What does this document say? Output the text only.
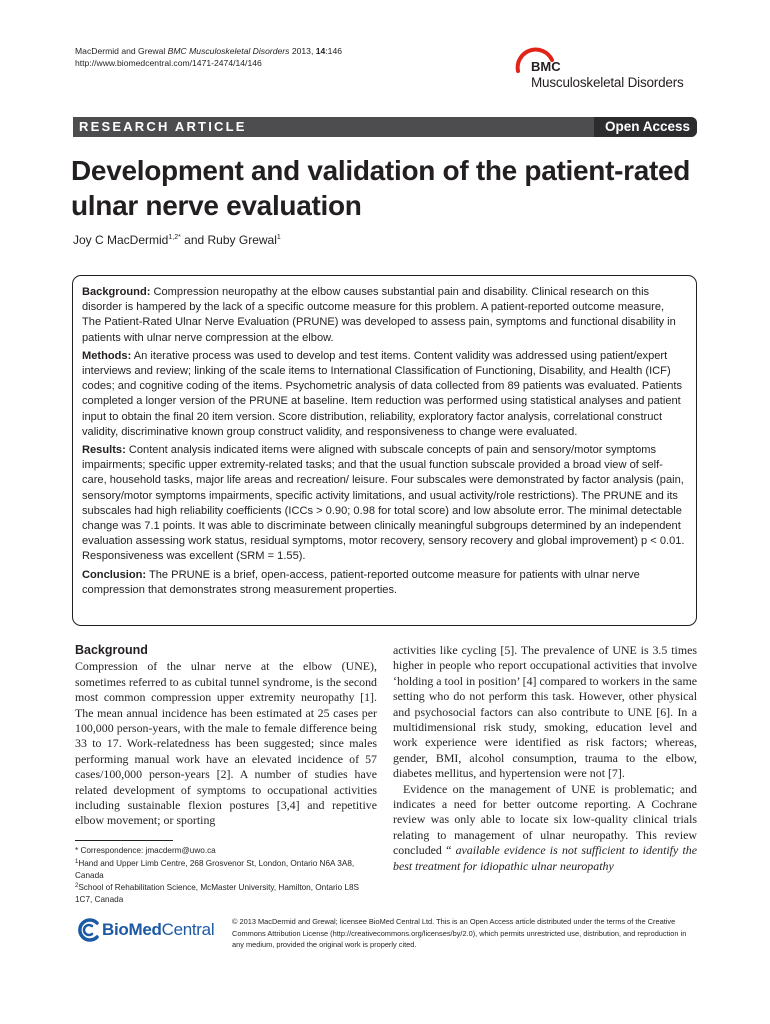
MacDermid and Grewal BMC Musculoskeletal Disorders 2013, 14:146
http://www.biomedcentral.com/1471-2474/14/146	BMC
Musculoskeletal Disorders
RESEARCH ARTICLE	Open Access
Development and validation of the patient-rated ulnar nerve evaluation
Joy C MacDermid$^{1,2*}$ and Ruby Grewal$^1$

Background: Compression neuropathy at the elbow causes substantial pain and disability. Clinical research on this disorder is hampered by the lack of a specific outcome measure for this problem. A patient-reported outcome measure, The Patient-Rated Ulnar Nerve Evaluation (PRUNE) was developed to assess pain, symptoms and functional disability in patients with ulnar nerve compression at the elbow.

Methods: An iterative process was used to develop and test items. Content validity was addressed using patient/expert interviews and review; linking of the scale items to International Classification of Functioning, Disability, and Health (ICF) codes; and cognitive coding of the items. Psychometric analysis of data collected from 89 patients was evaluated. Patients completed a longer version of the PRUNE at baseline. Item reduction was performed using statistical analyses and patient input to obtain the final 20 item version. Score distribution, reliability, exploratory factor analysis, correlational construct validity, discriminative known group construct validity, and responsiveness to change were evaluated.

Results: Content analysis indicated items were aligned with subscale concepts of pain and sensory/motor symptoms impairments; specific upper extremity-related tasks; and that the usual function subscale provided a broad view of self-care, household tasks, major life areas and recreation/ leisure. Four subscales were demonstrated by factor analysis (pain, sensory/motor symptoms impairments, specific activity limitations, and usual activity/role restrictions). The PRUNE and its subscales had high reliability coefficients (ICCs > 0.90; 0.98 for total score) and low absolute error. The minimal detectable change was 7.1 points. It was able to discriminate between clinically meaningful subgroups determined by an independent evaluation assessing work status, residual symptoms, motor recovery, sensory recovery and global improvement) p < 0.01. Responsiveness was excellent (SRM = 1.55).

Conclusion: The PRUNE is a brief, open-access, patient-reported outcome measure for patients with ulnar nerve compression that demonstrates strong measurement properties.

Background

Compression of the ulnar nerve at the elbow (UNE), sometimes referred to as cubital tunnel syndrome, is the second most common compression upper extremity neuropathy [1]. The mean annual incidence has been estimated at 25 cases per 100,000 person-years, with the male to female difference being 33 to 17. Work-relatedness has been suggested; since males performing manual work have an elevated incidence of 57 cases/100,000 person-years [2]. A number of studies have related development of symptoms to occupational activities including sustainable flexion postures [3,4] and repetitive elbow movement; or sporting

activities like cycling [5]. The prevalence of UNE is 3.5 times higher in people who report occupational activities that involve ‘holding a tool in position’ [4] compared to workers in the same setting who do not perform this task. However, other physical and psychosocial factors can also contribute to UNE [6]. In a multidimensional risk study, smoking, education level and work experience were identified as risk factors; whereas, gender, BMI, alcohol consumption, trauma to the elbow, diabetes mellitus, and hypertension were not [7].

Evidence on the management of UNE is problematic; and indicates a need for better outcome reporting. A Cochrane review was only able to locate six low-quality clinical trials relating to management of ulnar neuropathy. This review concluded “ available evidence is not sufficient to identify the best treatment for idiopathic ulnar neuropathy

* Correspondence: jmacderm@uwo.ca
$^1$Hand and Upper Limb Centre, 268 Grosvenor St, London, Ontario N6A 3A8, Canada
$^2$School of Rehabilitation Science, McMaster University, Hamilton, Ontario L8S 1C7, Canada
BioMedCentral © 2013 MacDermid and Grewal; licensee BioMed Central Ltd. This is an Open Access article distributed under the terms of the Creative Commons Attribution License (http://creativecommons.org/licenses/by/2.0), which permits unrestricted use, distribution, and reproduction in any medium, provided the original work is properly cited.
